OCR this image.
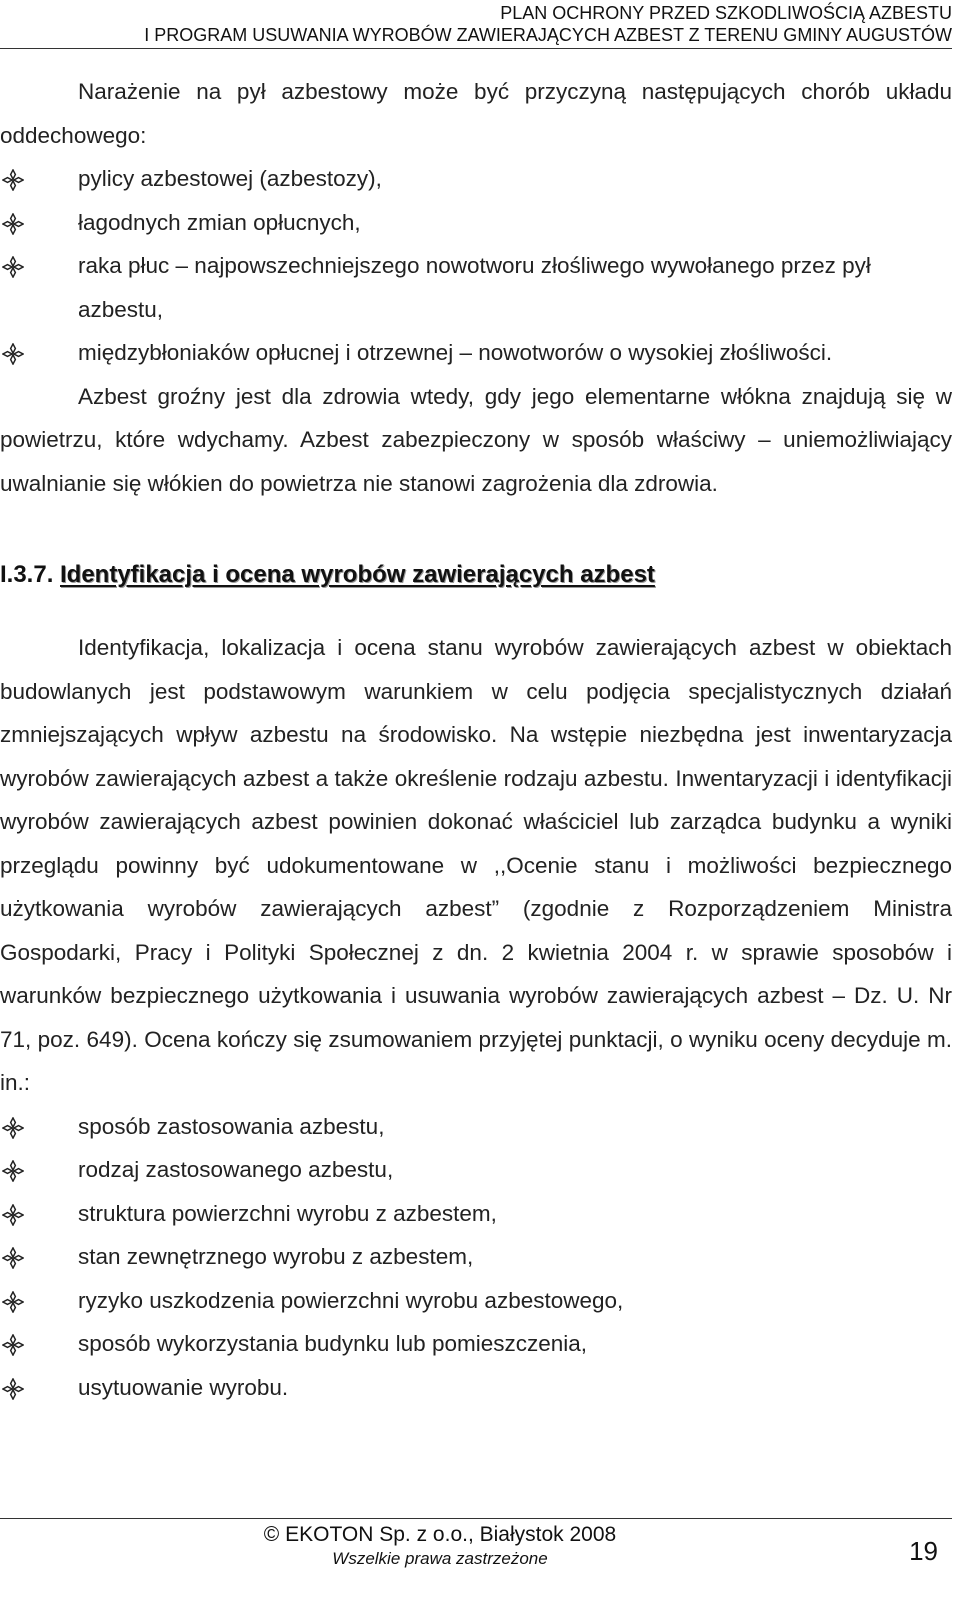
PLAN OCHRONY PRZED SZKODLIWOŚCIĄ AZBESTU
I PROGRAM USUWANIA WYROBÓW ZAWIERAJĄCYCH AZBEST Z TERENU GMINY AUGUSTÓW

Narażenie na pył azbestowy może być przyczyną następujących chorób układu oddechowego:

pylicy azbestowej (azbestozy),
łagodnych zmian opłucnych,
raka płuc – najpowszechniejszego nowotworu złośliwego wywołanego przez pył azbestu,
międzybłoniaków opłucnej i otrzewnej – nowotworów o wysokiej złośliwości.

Azbest groźny jest dla zdrowia wtedy, gdy jego elementarne włókna znajdują się w powietrzu, które wdychamy. Azbest zabezpieczony w sposób właściwy – uniemożliwiający uwalnianie się włókien do powietrza nie stanowi zagrożenia dla zdrowia.

I.3.7. Identyfikacja i ocena wyrobów zawierających azbest

Identyfikacja, lokalizacja i ocena stanu wyrobów zawierających azbest w obiektach budowlanych jest podstawowym warunkiem w celu podjęcia specjalistycznych działań zmniejszających wpływ azbestu na środowisko. Na wstępie niezbędna jest inwentaryzacja wyrobów zawierających azbest a także określenie rodzaju azbestu. Inwentaryzacji i identyfikacji wyrobów zawierających azbest powinien dokonać właściciel lub zarządca budynku a wyniki przeglądu powinny być udokumentowane w ,,Ocenie stanu i możliwości bezpiecznego użytkowania wyrobów zawierających azbest” (zgodnie z Rozporządzeniem Ministra Gospodarki, Pracy i Polityki Społecznej z dn. 2 kwietnia 2004 r. w sprawie sposobów i warunków bezpiecznego użytkowania i usuwania wyrobów zawierających azbest – Dz. U. Nr 71, poz. 649). Ocena kończy się zsumowaniem przyjętej punktacji, o wyniku oceny decyduje m. in.:

sposób zastosowania azbestu,
rodzaj zastosowanego azbestu,
struktura powierzchni wyrobu z azbestem,
stan zewnętrznego wyrobu z azbestem,
ryzyko uszkodzenia powierzchni wyrobu azbestowego,
sposób wykorzystania budynku lub pomieszczenia,
usytuowanie wyrobu.
© EKOTON Sp. z o.o., Białystok 2008
Wszelkie prawa zastrzeżone	19
